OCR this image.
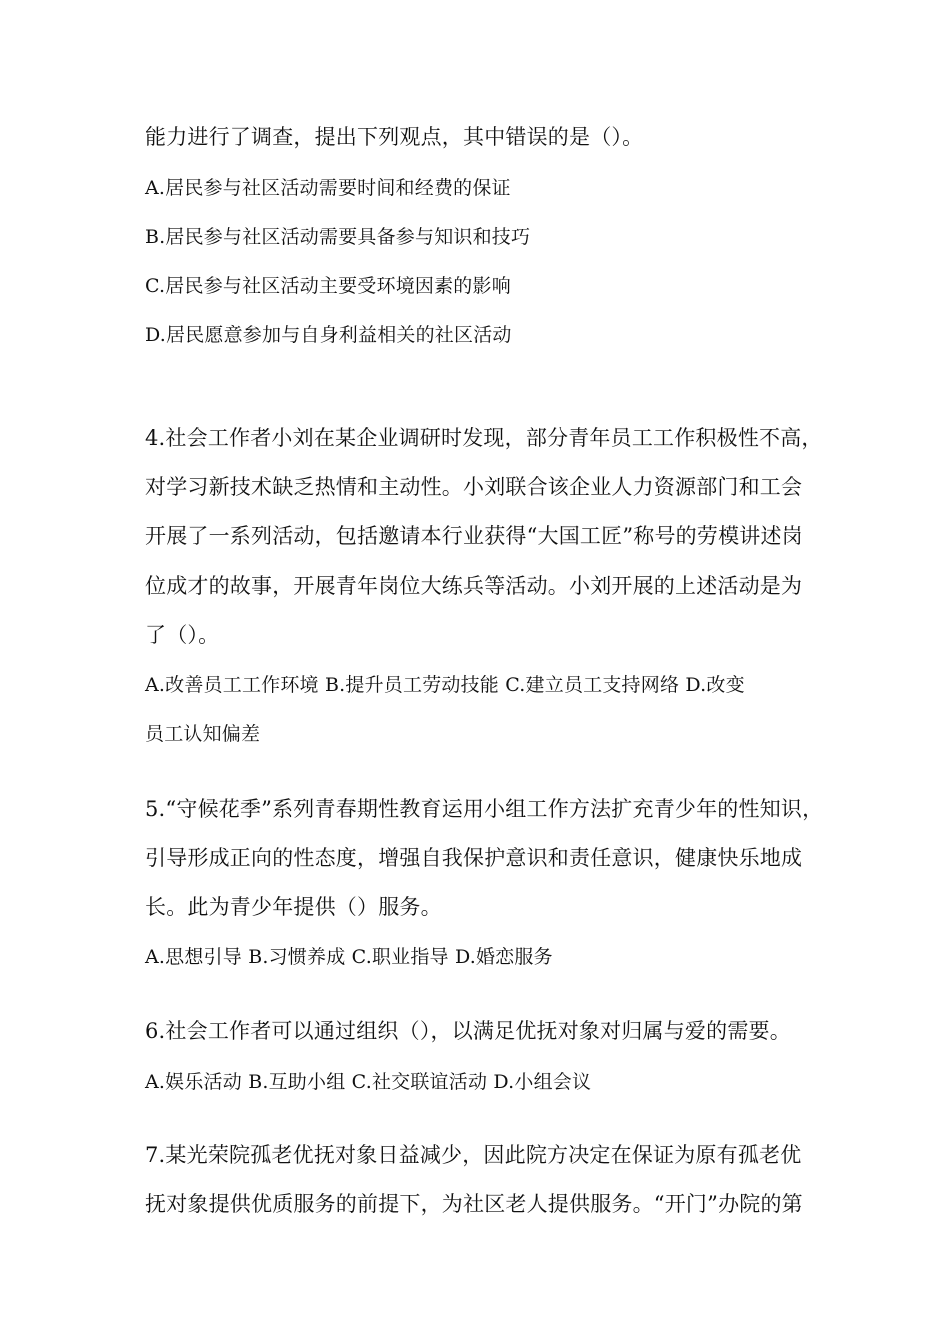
能力进行了调查，提出下列观点，其中错误的是（）。
A.居民参与社区活动需要时间和经费的保证
B.居民参与社区活动需要具备参与知识和技巧
C.居民参与社区活动主要受环境因素的影响
D.居民愿意参加与自身利益相关的社区活动
4.社会工作者小刘在某企业调研时发现，部分青年员工工作积极性不高，
对学习新技术缺乏热情和主动性。小刘联合该企业人力资源部门和工会
开展了一系列活动，包括邀请本行业获得“大国工匠”称号的劳模讲述岗
位成才的故事，开展青年岗位大练兵等活动。小刘开展的上述活动是为
了（）。
A.改善员工工作环境 B.提升员工劳动技能 C.建立员工支持网络 D.改变
员工认知偏差
5.“守候花季”系列青春期性教育运用小组工作方法扩充青少年的性知识，
引导形成正向的性态度，增强自我保护意识和责任意识，健康快乐地成
长。此为青少年提供（）服务。
A.思想引导 B.习惯养成 C.职业指导 D.婚恋服务
6.社会工作者可以通过组织（），以满足优抚对象对归属与爱的需要。
A.娱乐活动 B.互助小组 C.社交联谊活动 D.小组会议
7.某光荣院孤老优抚对象日益减少，因此院方决定在保证为原有孤老优
抚对象提供优质服务的前提下，为社区老人提供服务。“开门”办院的第
